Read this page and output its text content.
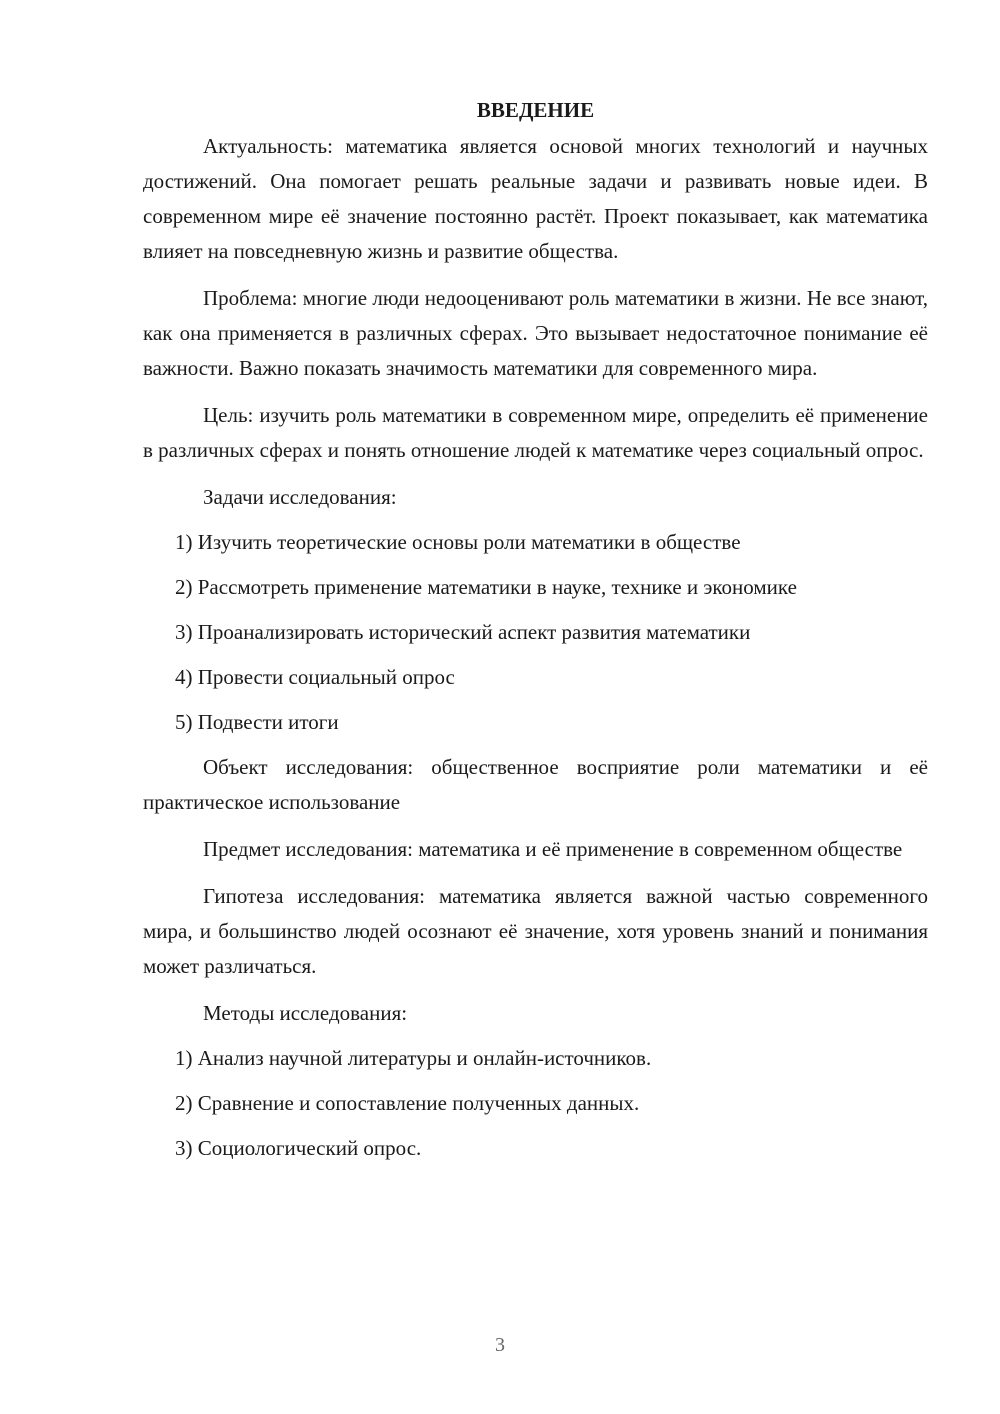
ВВЕДЕНИЕ

Актуальность: математика является основой многих технологий и научных достижений. Она помогает решать реальные задачи и развивать новые идеи. В современном мире её значение постоянно растёт. Проект показывает, как математика влияет на повседневную жизнь и развитие общества.

Проблема: многие люди недооценивают роль математики в жизни. Не все знают, как она применяется в различных сферах. Это вызывает недостаточное понимание её важности. Важно показать значимость математики для современного мира.

Цель: изучить роль математики в современном мире, определить её применение в различных сферах и понять отношение людей к математике через социальный опрос.

Задачи исследования:

1) Изучить теоретические основы роли математики в обществе
2) Рассмотреть применение математики в науке, технике и экономике
3) Проанализировать исторический аспект развития математики
4) Провести социальный опрос
5) Подвести итоги

Объект исследования: общественное восприятие роли математики и её практическое использование

Предмет исследования: математика и её применение в современном обществе

Гипотеза исследования: математика является важной частью современного мира, и большинство людей осознают её значение, хотя уровень знаний и понимания может различаться.

Методы исследования:

1) Анализ научной литературы и онлайн-источников.
2) Сравнение и сопоставление полученных данных.
3) Социологический опрос.
3
